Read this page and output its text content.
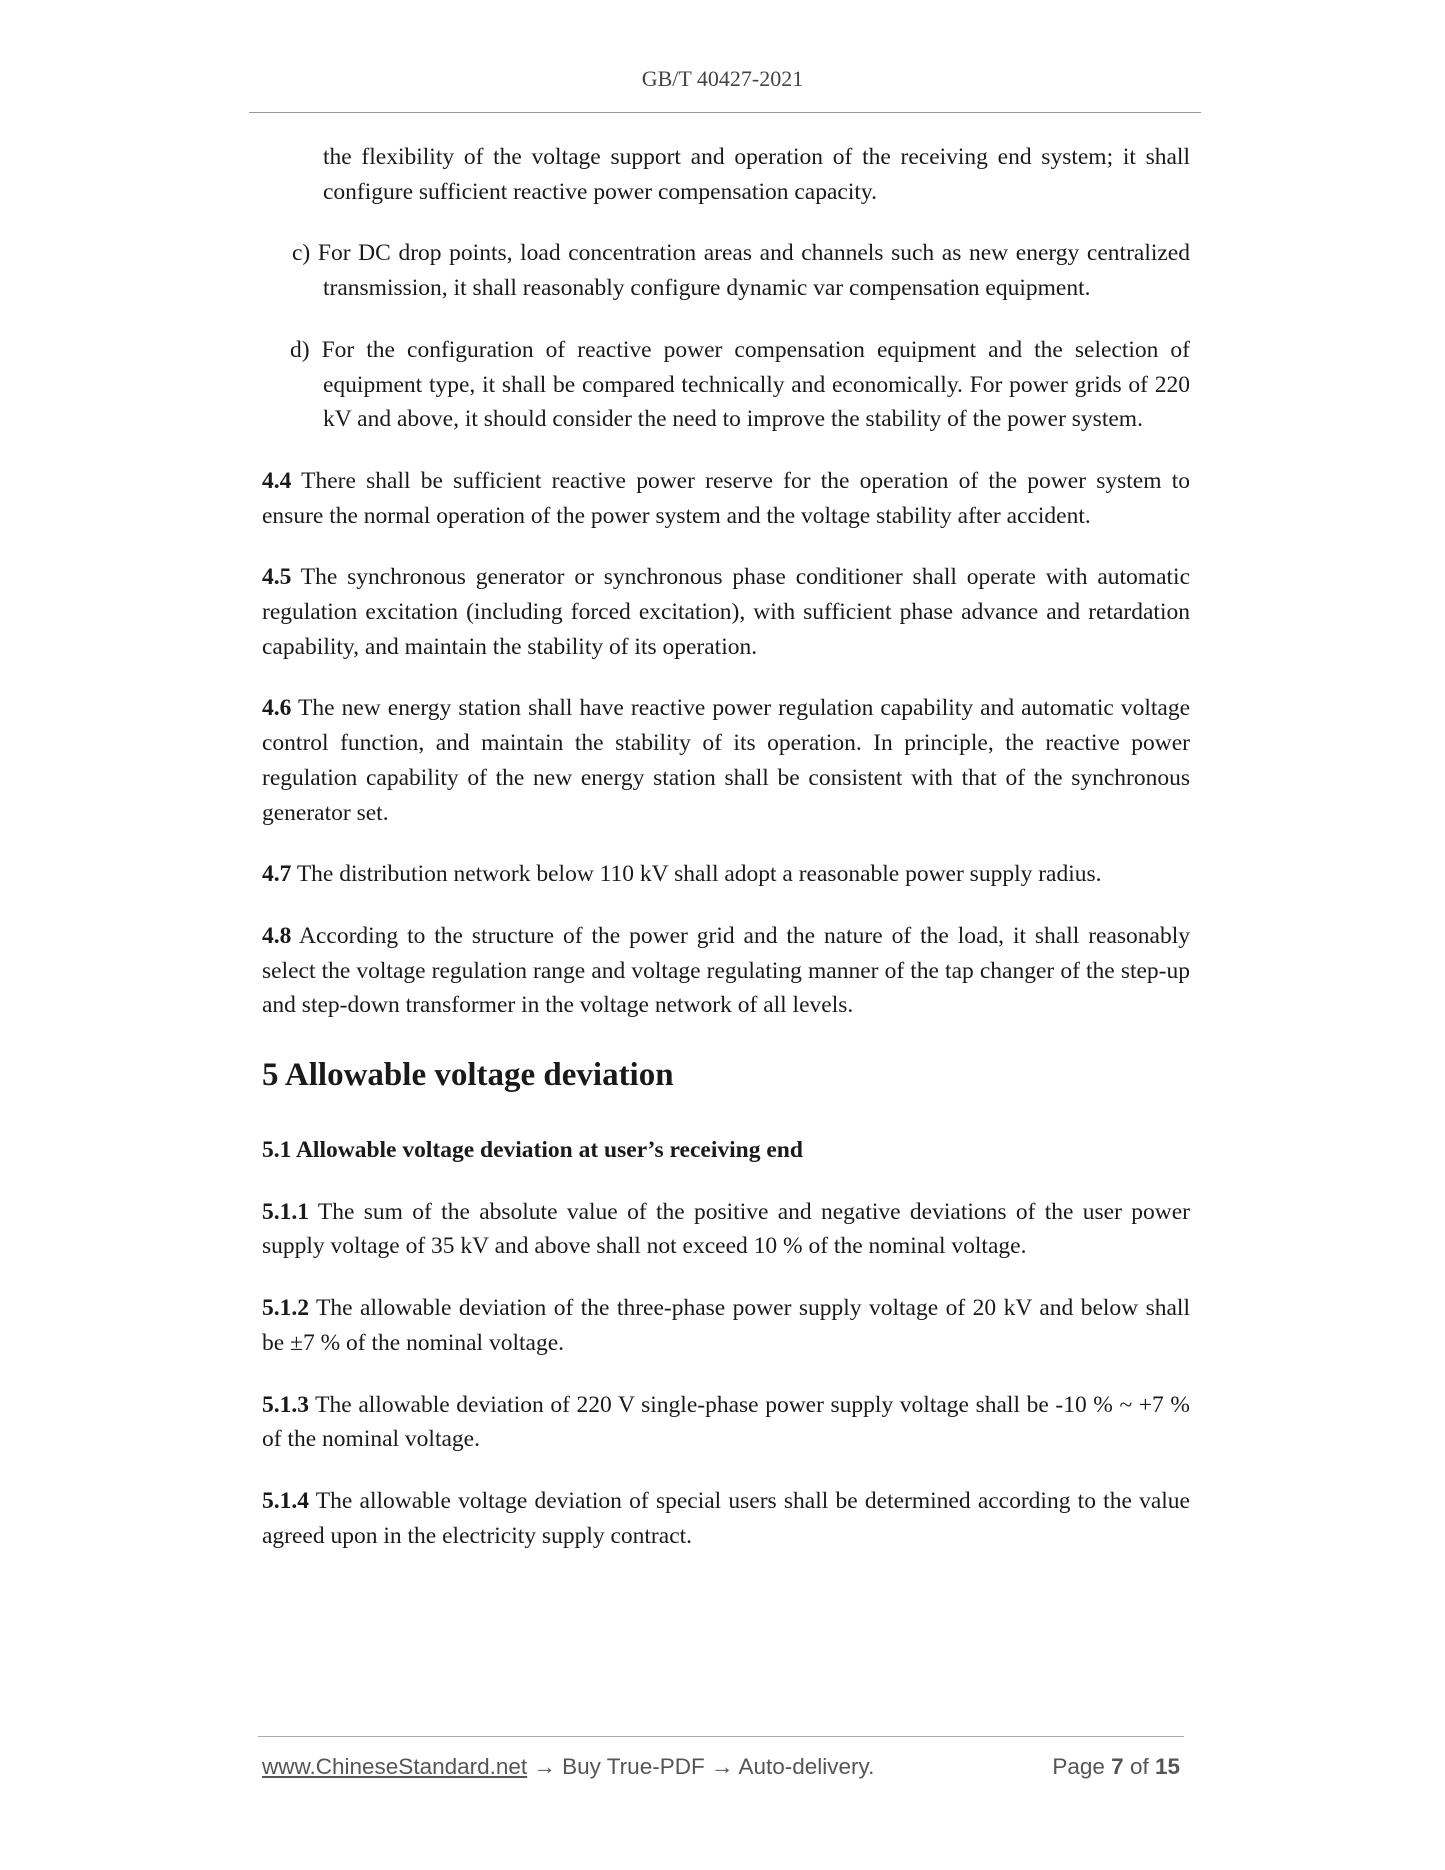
GB/T 40427-2021

the flexibility of the voltage support and operation of the receiving end system; it shall configure sufficient reactive power compensation capacity.

c) For DC drop points, load concentration areas and channels such as new energy centralized transmission, it shall reasonably configure dynamic var compensation equipment.

d) For the configuration of reactive power compensation equipment and the selection of equipment type, it shall be compared technically and economically. For power grids of 220 kV and above, it should consider the need to improve the stability of the power system.

4.4 There shall be sufficient reactive power reserve for the operation of the power system to ensure the normal operation of the power system and the voltage stability after accident.

4.5 The synchronous generator or synchronous phase conditioner shall operate with automatic regulation excitation (including forced excitation), with sufficient phase advance and retardation capability, and maintain the stability of its operation.

4.6 The new energy station shall have reactive power regulation capability and automatic voltage control function, and maintain the stability of its operation. In principle, the reactive power regulation capability of the new energy station shall be consistent with that of the synchronous generator set.

4.7 The distribution network below 110 kV shall adopt a reasonable power supply radius.

4.8 According to the structure of the power grid and the nature of the load, it shall reasonably select the voltage regulation range and voltage regulating manner of the tap changer of the step-up and step-down transformer in the voltage network of all levels.

5 Allowable voltage deviation

5.1 Allowable voltage deviation at user’s receiving end

5.1.1 The sum of the absolute value of the positive and negative deviations of the user power supply voltage of 35 kV and above shall not exceed 10 % of the nominal voltage.

5.1.2 The allowable deviation of the three-phase power supply voltage of 20 kV and below shall be ±7 % of the nominal voltage.

5.1.3 The allowable deviation of 220 V single-phase power supply voltage shall be -10 % ~ +7 % of the nominal voltage.

5.1.4 The allowable voltage deviation of special users shall be determined according to the value agreed upon in the electricity supply contract.

www.ChineseStandard.net → Buy True-PDF → Auto-delivery.	Page 7 of 15
